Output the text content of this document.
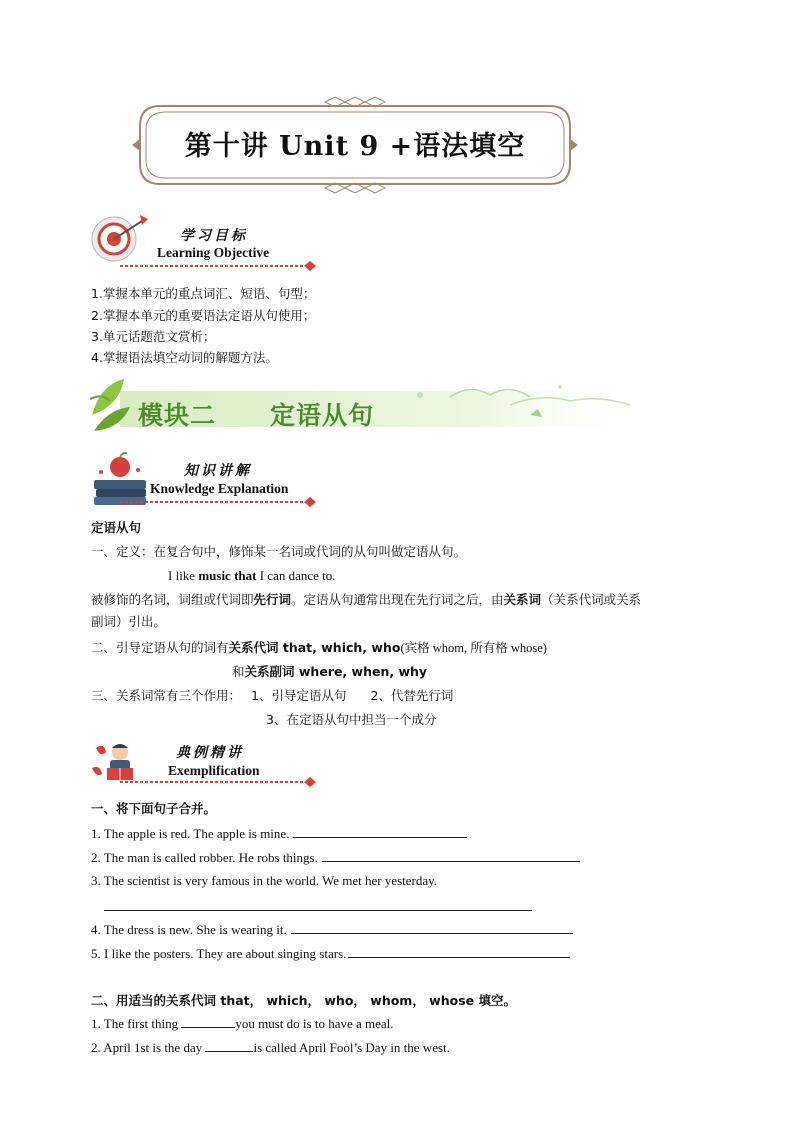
第十讲 Unit 9 +语法填空
学习目标
Learning Objective
1.掌握本单元的重点词汇、短语、句型；
2.掌握本单元的重要语法定语从句使用；
3.单元话题范文赏析；
4.掌握语法填空动词的解题方法。
模块二 定语从句
知识讲解
Knowledge Explanation
定语从句
一、定义：在复合句中，修饰某一名词或代词的从句叫做定语从句。
I like music that I can dance to.
被修饰的名词，词组或代词即先行词。定语从句通常出现在先行词之后，由关系词（关系代词或关系
副词）引出。
二、引导定语从句的词有关系代词 that, which, who(宾格 whom, 所有格 whose)
和关系副词 where, when, why
三、关系词常有三个作用： 1、引导定语从句 2、代替先行词
3、在定语从句中担当一个成分
典例精讲
Exemplification
一、将下面句子合并。
1. The apple is red. The apple is mine.
2. The man is called robber. He robs things.
3. The scientist is very famous in the world. We met her yesterday.
4. The dress is new. She is wearing it.
5. I like the posters. They are about singing stars.
二、用适当的关系代词 that， which， who， whom， whose 填空。
1. The first thing	you must do is to have a meal.
2. April 1st is the day	is called April Fool’s Day in the west.
